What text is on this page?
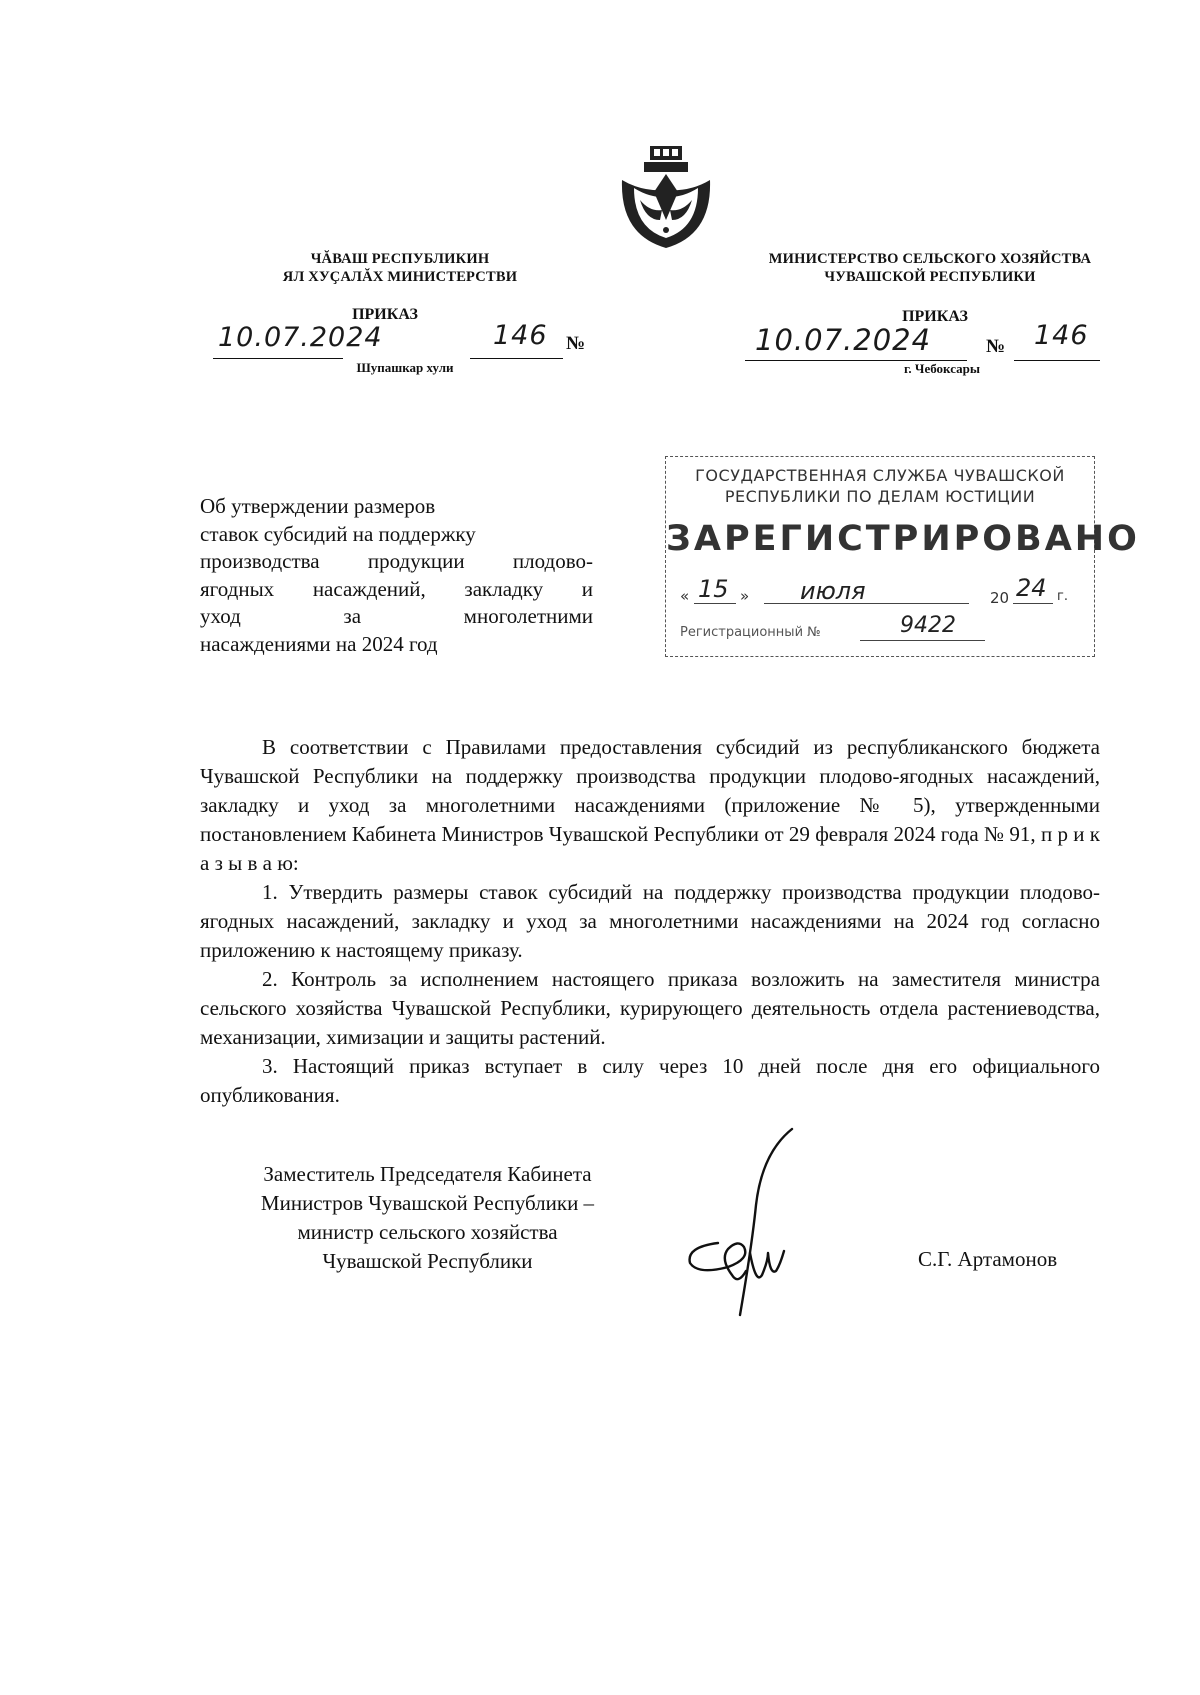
ЧĂВАШ РЕСПУБЛИКИН
ЯЛ ХУҪАЛĂХ МИНИСТЕРСТВИ
ПРИКАЗ
10.07.2024	146 №
Шупашкар хули
МИНИСТЕРСТВО СЕЛЬСКОГО ХОЗЯЙСТВА
ЧУВАШСКОЙ РЕСПУБЛИКИ
ПРИКАЗ
10.07.2024	№ 146
г. Чебоксары
Об утверждении размеров
ставок субсидий на поддержку
производства продукции плодово-
ягодных насаждений, закладку и
уход за многолетними
насаждениями на 2024 год
ГОСУДАРСТВЕННАЯ СЛУЖБА ЧУВАШСКОЙ
РЕСПУБЛИКИ ПО ДЕЛАМ ЮСТИЦИИ
ЗАРЕГИСТРИРОВАНО
« 15 » июля	20 24 г.
Регистрационный №	9422

В соответствии с Правилами предоставления субсидий из республиканского бюджета Чувашской Республики на поддержку производства продукции плодово-ягодных насаждений, закладку и уход за многолетними насаждениями (приложение № 5), утвержденными постановлением Кабинета Министров Чувашской Республики от 29 февраля 2024 года № 91, п р и к а з ы в а ю:

1. Утвердить размеры ставок субсидий на поддержку производства продукции плодово-ягодных насаждений, закладку и уход за многолетними насаждениями на 2024 год согласно приложению к настоящему приказу.

2. Контроль за исполнением настоящего приказа возложить на заместителя министра сельского хозяйства Чувашской Республики, курирующего деятельность отдела растениеводства, механизации, химизации и защиты растений.

3. Настоящий приказ вступает в силу через 10 дней после дня его официального опубликования.

Заместитель Председателя Кабинета
Министров Чувашской Республики –
министр сельского хозяйства
Чувашской Республики	С.Г. Артамонов
